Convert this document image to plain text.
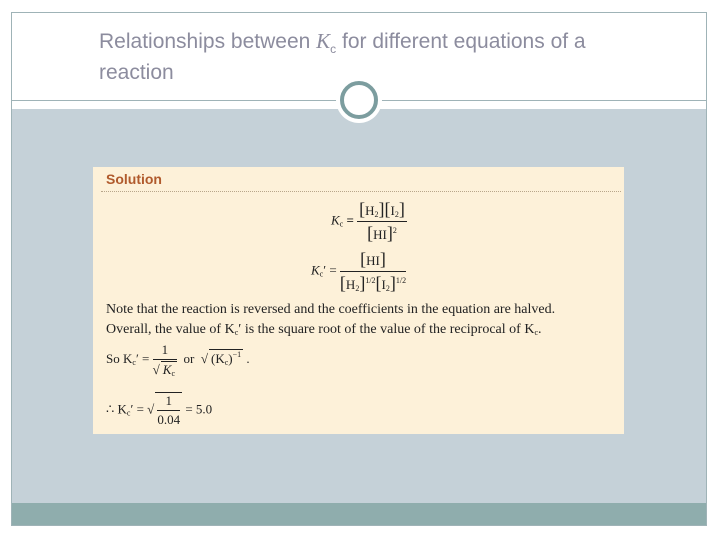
Relationships between $K_c$ for different equations of a reaction
Solution
$Kc = \frac{[H2][I2]}{[HI]^2}$
$Kc' = \frac{[HI]}{[H2]^{1/2}[I2]^{1/2}}$
Note that the reaction is reversed and the coefficients in the equation are halved.
Overall, the value of Kc′ is the square root of the value of the reciprocal of Kc.
So $Kc' = \frac{1}{√ Kc}$ or  √ $(Kc)^{-1}$ .
∴ Kc′ = √ $\frac{1}{0.04} = 5.0$
